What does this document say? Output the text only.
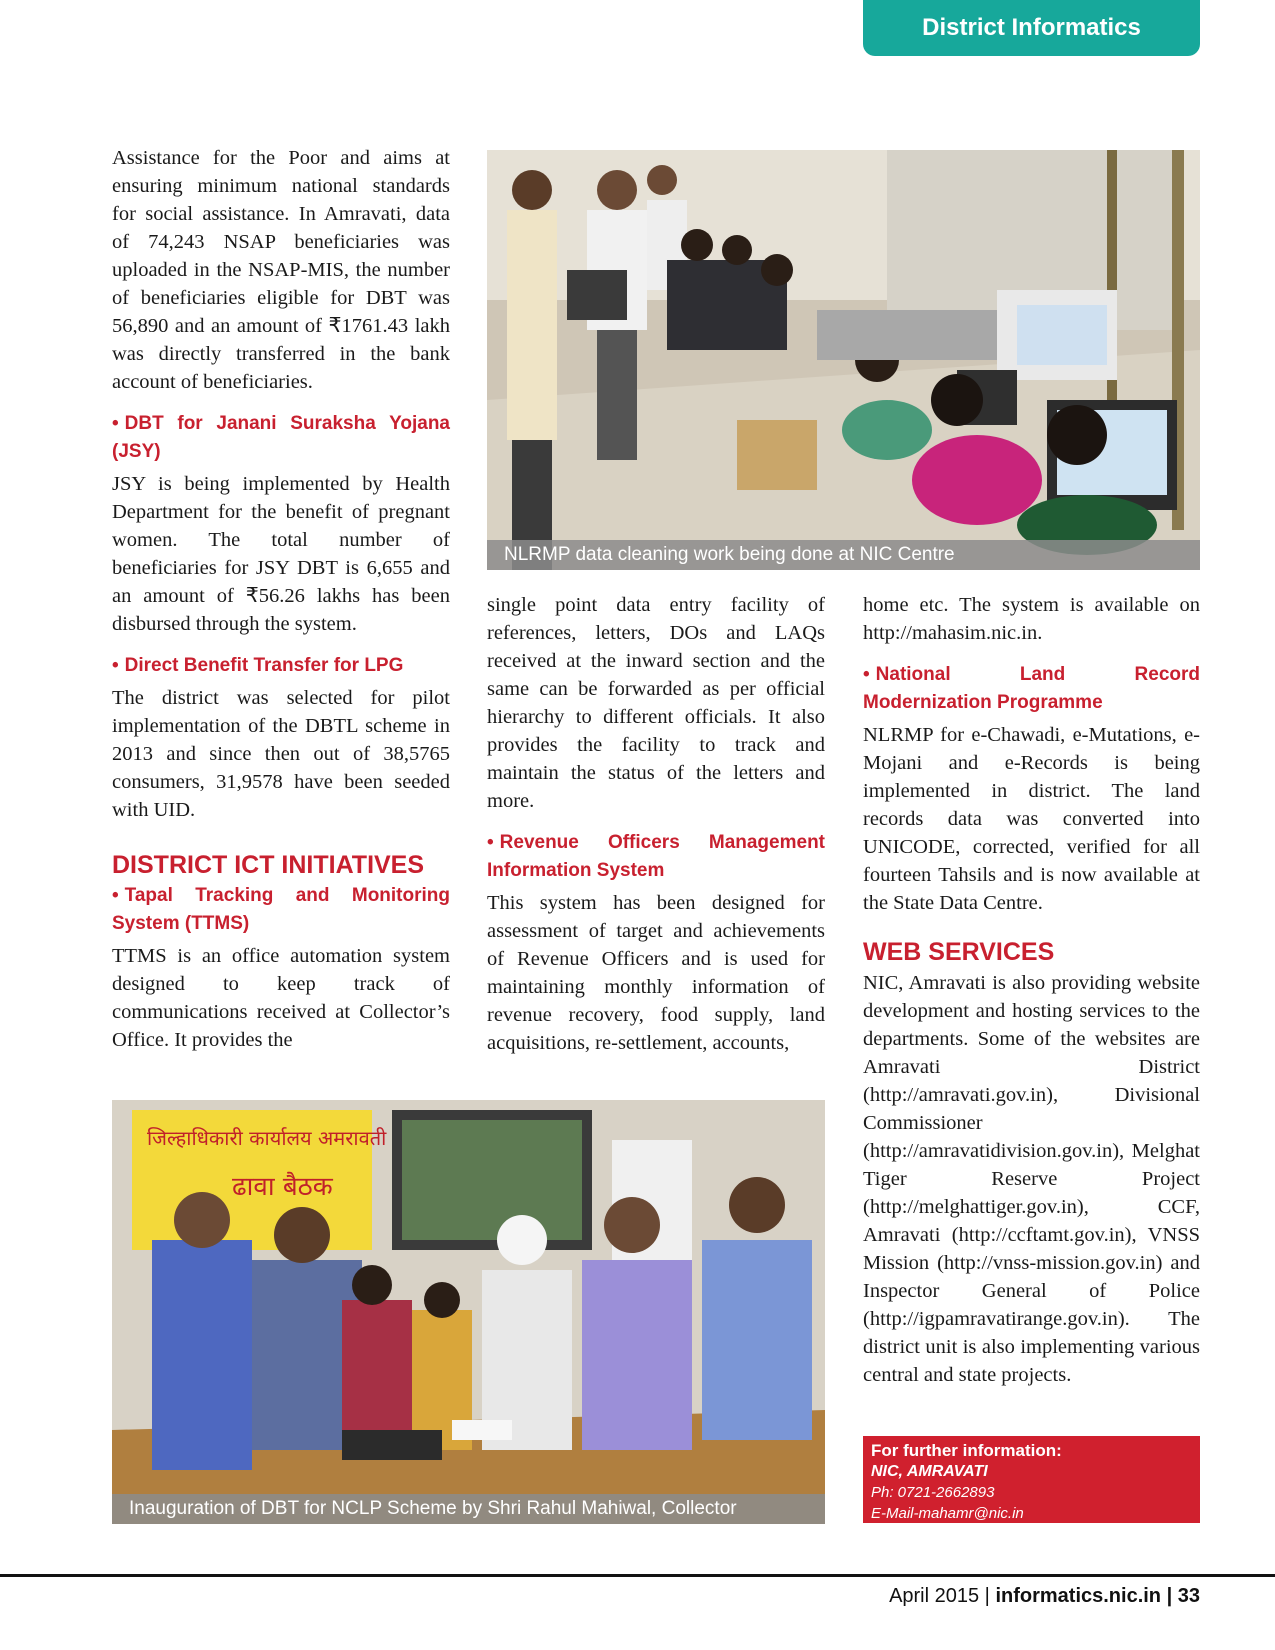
District Informatics

Assistance for the Poor and aims at ensuring minimum national standards for social assistance. In Amravati, data of 74,243 NSAP beneficiaries was uploaded in the NSAP-MIS, the number of beneficiaries eligible for DBT was 56,890 and an amount of ₹1761.43 lakh was directly transferred in the bank account of beneficiaries.

• DBT for Janani Suraksha Yojana (JSY)

JSY is being implemented by Health Department for the benefit of pregnant women. The total number of beneficiaries for JSY DBT is 6,655 and an amount of ₹56.26 lakhs has been disbursed through the system.

• Direct Benefit Transfer for LPG

The district was selected for pilot implementation of the DBTL scheme in 2013 and since then out of 38,5765 consumers, 31,9578 have been seeded with UID.

DISTRICT ICT INITIATIVES
• Tapal Tracking and Monitoring System (TTMS)

TTMS is an office automation system designed to keep track of communications received at Collector’s Office. It provides the

NLRMP data cleaning work being done at NIC Centre

single point data entry facility of references, letters, DOs and LAQs received at the inward section and the same can be forwarded as per official hierarchy to different officials. It also provides the facility to track and maintain the status of the letters and more.

• Revenue Officers Management Information System

This system has been designed for assessment of target and achievements of Revenue Officers and is used for maintaining monthly information of revenue recovery, food supply, land acquisitions, re-settlement, accounts,

home etc. The system is available on http://mahasim.nic.in.

• National Land Record Modernization Programme

NLRMP for e-Chawadi, e-Mutations, e-Mojani and e-Records is being implemented in district. The land records data was converted into UNICODE, corrected, verified for all fourteen Tahsils and is now available at the State Data Centre.

WEB SERVICES

NIC, Amravati is also providing website development and hosting services to the departments. Some of the websites are Amravati District (http://amravati.gov.in), Divisional Commissioner (http://amravatidivision.gov.in), Melghat Tiger Reserve Project (http://melghattiger.gov.in), CCF, Amravati (http://ccftamt.gov.in), VNSS Mission (http://vnss-mission.gov.in) and Inspector General of Police (http://igpamravatirange.gov.in). The district unit is also implementing various central and state projects.

जिल्हाधिकारी कार्यालय अमरावती
ढावा बैठक
Inauguration of DBT for NCLP Scheme by Shri Rahul Mahiwal, Collector
For further information:
NIC, AMRAVATI
Ph: 0721-2662893
E-Mail-mahamr@nic.in
April 2015 | informatics.nic.in | 33
